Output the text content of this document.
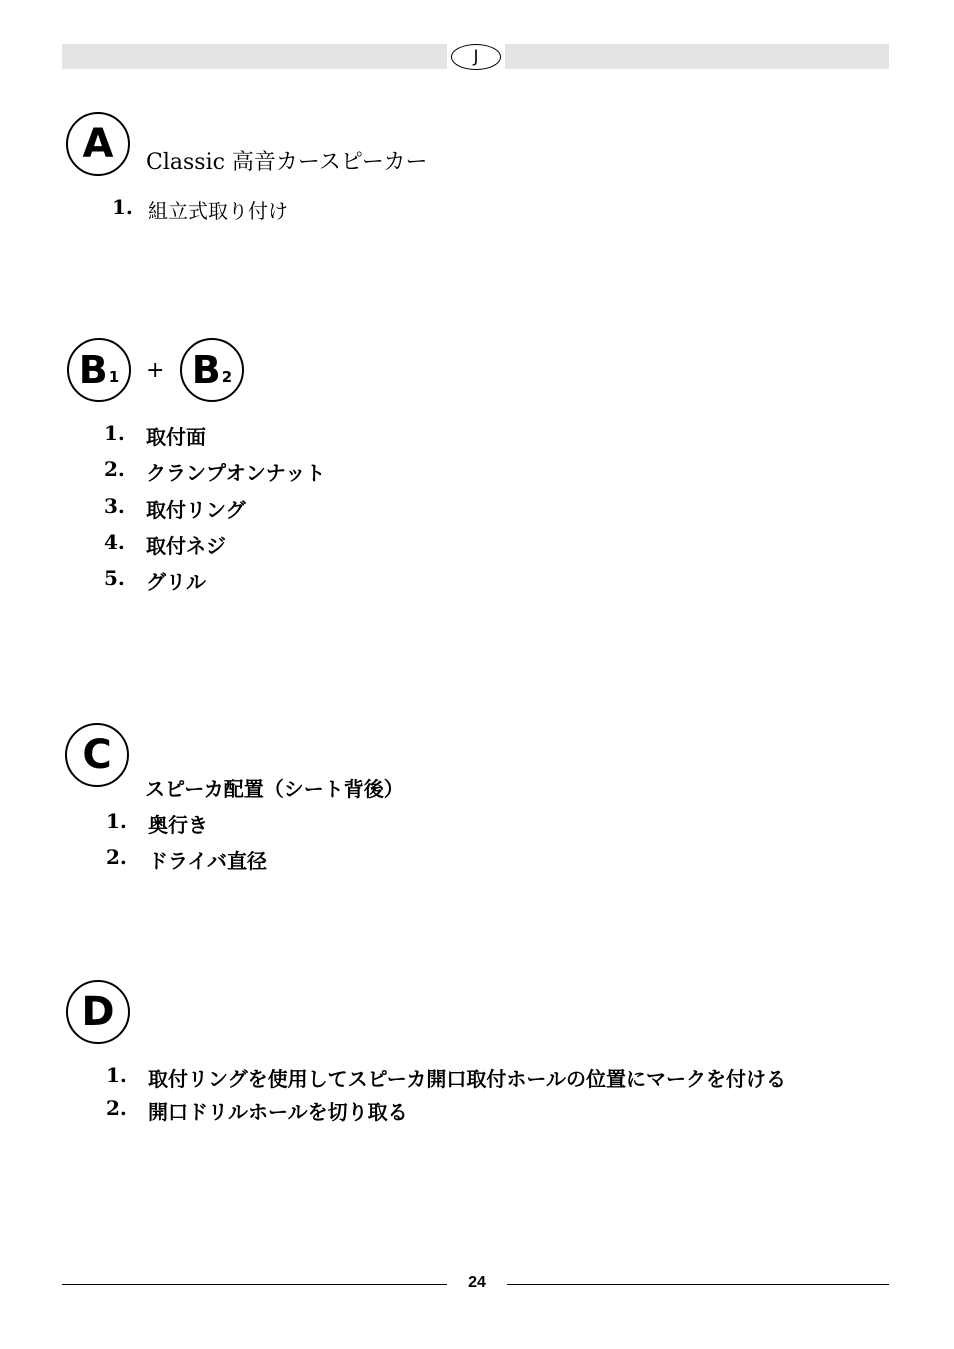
J
A Classic 高音カースピーカー
1. 組立式取り付け
B 1 + B 2
1.	取付面
2.	クランプオンナット
3.	取付リング
4.	取付ネジ
5.	グリル
C
スピーカ配置（シート背後）
1.	奥行き
2.	ドライバ直径
D
1.	取付リングを使用してスピーカ開口取付ホールの位置にマークを付ける
2.	開口ドリルホールを切り取る
24
